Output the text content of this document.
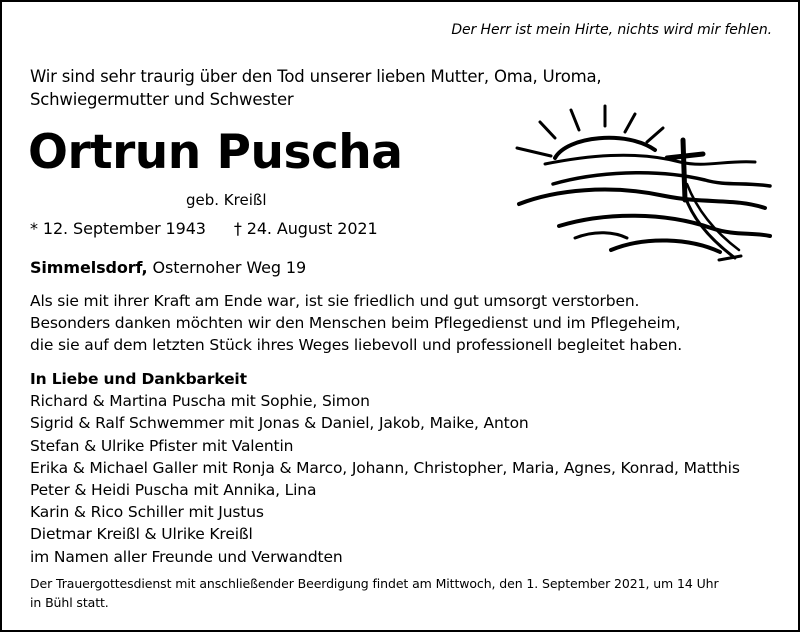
Der Herr ist mein Hirte, nichts wird mir fehlen.
Wir sind sehr traurig über den Tod unserer lieben Mutter, Oma, Uroma,
Schwiegermutter und Schwester
Ortrun Puscha
geb. Kreißl
* 12. September 1943 † 24. August 2021
Simmelsdorf, Osternoher Weg 19
Als sie mit ihrer Kraft am Ende war, ist sie friedlich und gut umsorgt verstorben.
Besonders danken möchten wir den Menschen beim Pflegedienst und im Pflegeheim,
die sie auf dem letzten Stück ihres Weges liebevoll und professionell begleitet haben.
In Liebe und Dankbarkeit
Richard & Martina Puscha mit Sophie, Simon
Sigrid & Ralf Schwemmer mit Jonas & Daniel, Jakob, Maike, Anton
Stefan & Ulrike Pfister mit Valentin
Erika & Michael Galler mit Ronja & Marco, Johann, Christopher, Maria, Agnes, Konrad, Matthis
Peter & Heidi Puscha mit Annika, Lina
Karin & Rico Schiller mit Justus
Dietmar Kreißl & Ulrike Kreißl
im Namen aller Freunde und Verwandten
Der Trauergottesdienst mit anschließender Beerdigung findet am Mittwoch, den 1. September 2021, um 14 Uhr
in Bühl statt.
